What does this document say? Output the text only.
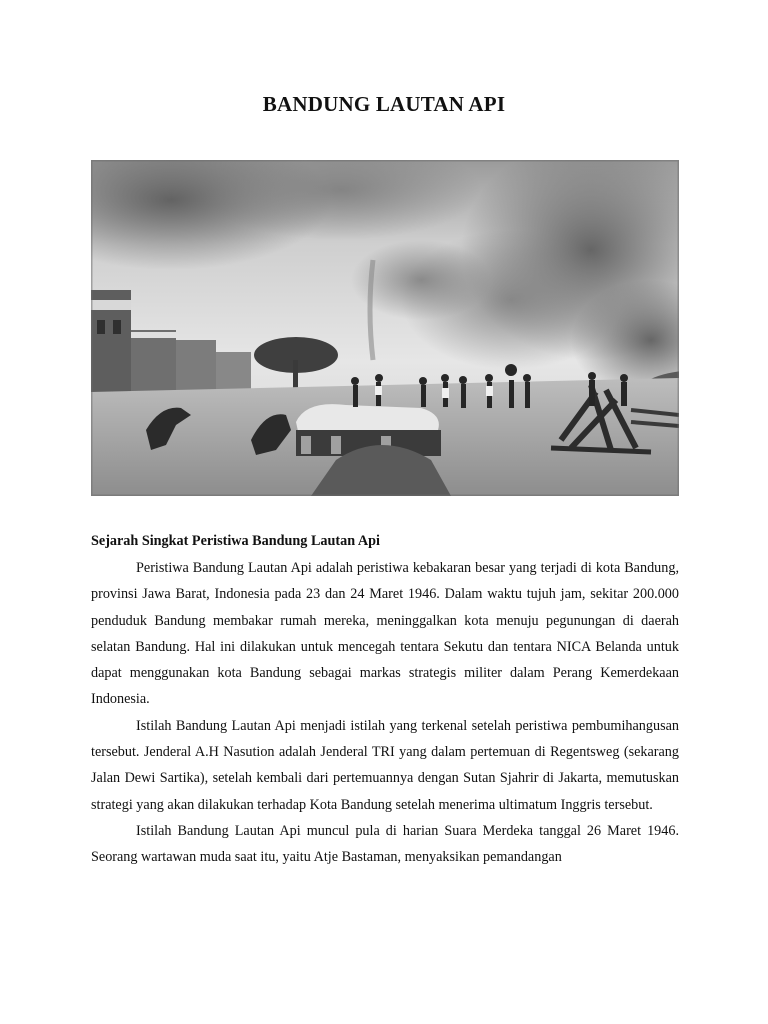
BANDUNG LAUTAN API
Sejarah Singkat Peristiwa Bandung Lautan Api

Peristiwa Bandung Lautan Api adalah peristiwa kebakaran besar yang terjadi di kota Bandung, provinsi Jawa Barat, Indonesia pada 23 dan 24 Maret 1946. Dalam waktu tujuh jam, sekitar 200.000 penduduk Bandung membakar rumah mereka, meninggalkan kota menuju pegunungan di daerah selatan Bandung. Hal ini dilakukan untuk mencegah tentara Sekutu dan tentara NICA Belanda untuk dapat menggunakan kota Bandung sebagai markas strategis militer dalam Perang Kemerdekaan Indonesia.

Istilah Bandung Lautan Api menjadi istilah yang terkenal setelah peristiwa pembumihangusan tersebut. Jenderal A.H Nasution adalah Jenderal TRI yang dalam pertemuan di Regentsweg (sekarang Jalan Dewi Sartika), setelah kembali dari pertemuannya dengan Sutan Sjahrir di Jakarta, memutuskan strategi yang akan dilakukan terhadap Kota Bandung setelah menerima ultimatum Inggris tersebut.

Istilah Bandung Lautan Api muncul pula di harian Suara Merdeka tanggal 26 Maret 1946. Seorang wartawan muda saat itu, yaitu Atje Bastaman, menyaksikan pemandangan
